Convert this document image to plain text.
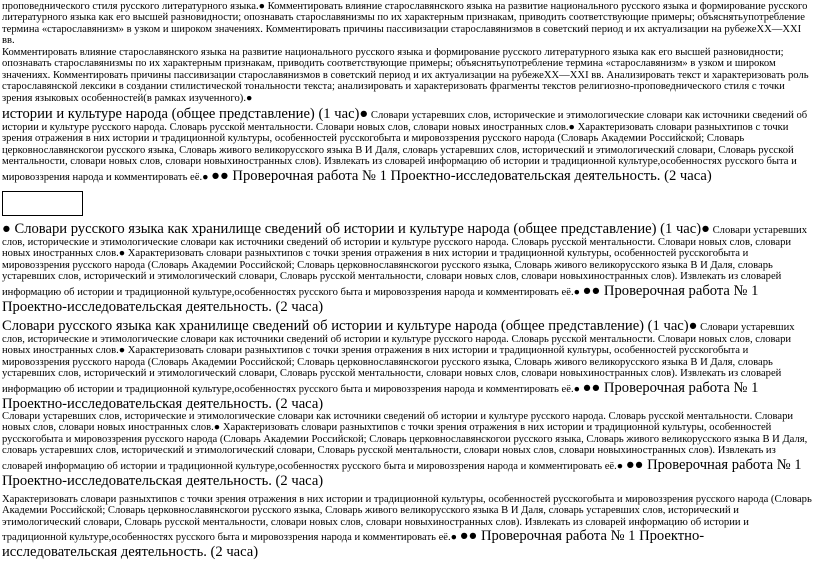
проповеднического стиля русского литературного языка.● Комментировать влияние старославянского языка на развитие национального русского языка и формирование русского литературного языка как его высшей разновидности; опознавать старославянизмы по их характерным признакам, приводить соответствующие примеры; объяснятьупотребление термина «старославянизм» в узком и широком значениях. Комментировать причины пассивизации старославянизмов в советский период и их актуализации на рубежеХХ—ХХI вв.

Комментировать влияние старославянского языка на развитие национального русского языка и формирование русского литературного языка как его высшей разновидности; опознавать старославянизмы по их характерным признакам, приводить соответствующие примеры; объяснятьупотребление термина «старославянизм» в узком и широком значениях. Комментировать причины пассивизации старославянизмов в советский период и их актуализации на рубежеХХ—ХХI вв. Анализировать текст и характеризовать роль старославянской лексики в создании стилистической тональности текста; анализировать и характеризовать фрагменты текстов религиозно-проповеднического стиля с точки зрения языковых особенностей(в рамках изученного).●

истории и культуре народа (общее представление) (1 час)● Словари устаревших слов, исторические и этимологические словари как источники сведений об истории и культуре русского народа. Словарь русской ментальности. Словари новых слов, словари новых иностранных слов.● Характеризовать словари разныхтипов с точки зрения отражения в них истории и традиционной культуры, особенностей русскогобыта и мировоззрения русского народа (Словарь Академии Российской; Словарь церковнославянскогои русского языка, Словарь живого великорусского языка В И Даля, словарь устаревших слов, исторический и этимологический словари, Словарь русской ментальности, словари новых слов, словари новыхиностранных слов). Извлекать из словарей информацию об истории и традиционной культуре,особенностях русского быта и мировоззрения народа и комментировать её.● ●● Проверочная работа № 1 Проектно-исследовательская деятельность. (2 часа)

● Словари русского языка как хранилище сведений об истории и культуре народа (общее представление) (1 час)● Словари устаревших слов, исторические и этимологические словари как источники сведений об истории и культуре русского народа. Словарь русской ментальности. Словари новых слов, словари новых иностранных слов.● Характеризовать словари разныхтипов с точки зрения отражения в них истории и традиционной культуры, особенностей русскогобыта и мировоззрения русского народа (Словарь Академии Российской; Словарь церковнославянскогои русского языка, Словарь живого великорусского языка В И Даля, словарь устаревших слов, исторический и этимологический словари, Словарь русской ментальности, словари новых слов, словари новыхиностранных слов). Извлекать из словарей информацию об истории и традиционной культуре,особенностях русского быта и мировоззрения народа и комментировать её.● ●● Проверочная работа № 1 Проектно-исследовательская деятельность. (2 часа)

Словари русского языка как хранилище сведений об истории и культуре народа (общее представление) (1 час)● Словари устаревших слов, исторические и этимологические словари как источники сведений об истории и культуре русского народа. Словарь русской ментальности. Словари новых слов, словари новых иностранных слов.● Характеризовать словари разныхтипов с точки зрения отражения в них истории и традиционной культуры, особенностей русскогобыта и мировоззрения русского народа (Словарь Академии Российской; Словарь церковнославянскогои русского языка, Словарь живого великорусского языка В И Даля, словарь устаревших слов, исторический и этимологический словари, Словарь русской ментальности, словари новых слов, словари новыхиностранных слов). Извлекать из словарей информацию об истории и традиционной культуре,особенностях русского быта и мировоззрения народа и комментировать её.● ●● Проверочная работа № 1 Проектно-исследовательская деятельность. (2 часа)

Словари устаревших слов, исторические и этимологические словари как источники сведений об истории и культуре русского народа. Словарь русской ментальности. Словари новых слов, словари новых иностранных слов.● Характеризовать словари разныхтипов с точки зрения отражения в них истории и традиционной культуры, особенностей русскогобыта и мировоззрения русского народа (Словарь Академии Российской; Словарь церковнославянскогои русского языка, Словарь живого великорусского языка В И Даля, словарь устаревших слов, исторический и этимологический словари, Словарь русской ментальности, словари новых слов, словари новыхиностранных слов). Извлекать из словарей информацию об истории и традиционной культуре,особенностях русского быта и мировоззрения народа и комментировать её.● ●● Проверочная работа № 1 Проектно-исследовательская деятельность. (2 часа)

Характеризовать словари разныхтипов с точки зрения отражения в них истории и традиционной культуры, особенностей русскогобыта и мировоззрения русского народа (Словарь Академии Российской; Словарь церковнославянскогои русского языка, Словарь живого великорусского языка В И Даля, словарь устаревших слов, исторический и этимологический словари, Словарь русской ментальности, словари новых слов, словари новыхиностранных слов). Извлекать из словарей информацию об истории и традиционной культуре,особенностях русского быта и мировоззрения народа и комментировать её.● ●● Проверочная работа № 1 Проектно-исследовательская деятельность. (2 часа)
